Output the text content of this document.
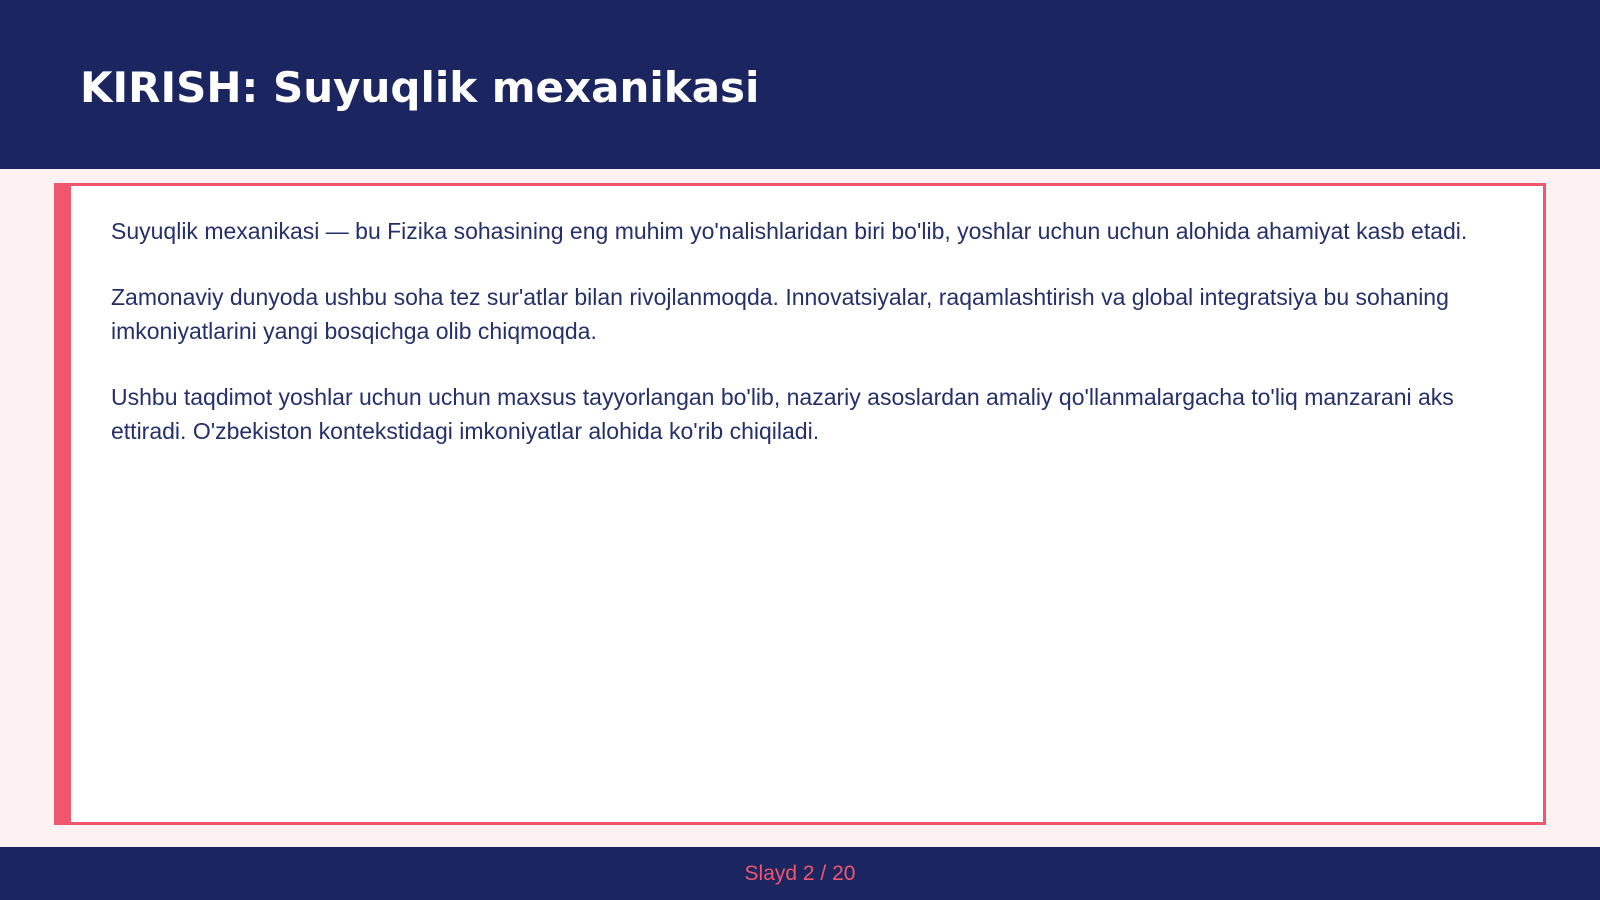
KIRISH: Suyuqlik mexanikasi

Suyuqlik mexanikasi — bu Fizika sohasining eng muhim yo'nalishlaridan biri bo'lib, yoshlar uchun uchun alohida ahamiyat kasb etadi.

Zamonaviy dunyoda ushbu soha tez sur'atlar bilan rivojlanmoqda. Innovatsiyalar, raqamlashtirish va global integratsiya bu sohaning imkoniyatlarini yangi bosqichga olib chiqmoqda.

Ushbu taqdimot yoshlar uchun uchun maxsus tayyorlangan bo'lib, nazariy asoslardan amaliy qo'llanmalargacha to'liq manzarani aks ettiradi. O'zbekiston kontekstidagi imkoniyatlar alohida ko'rib chiqiladi.

Slayd 2 / 20
